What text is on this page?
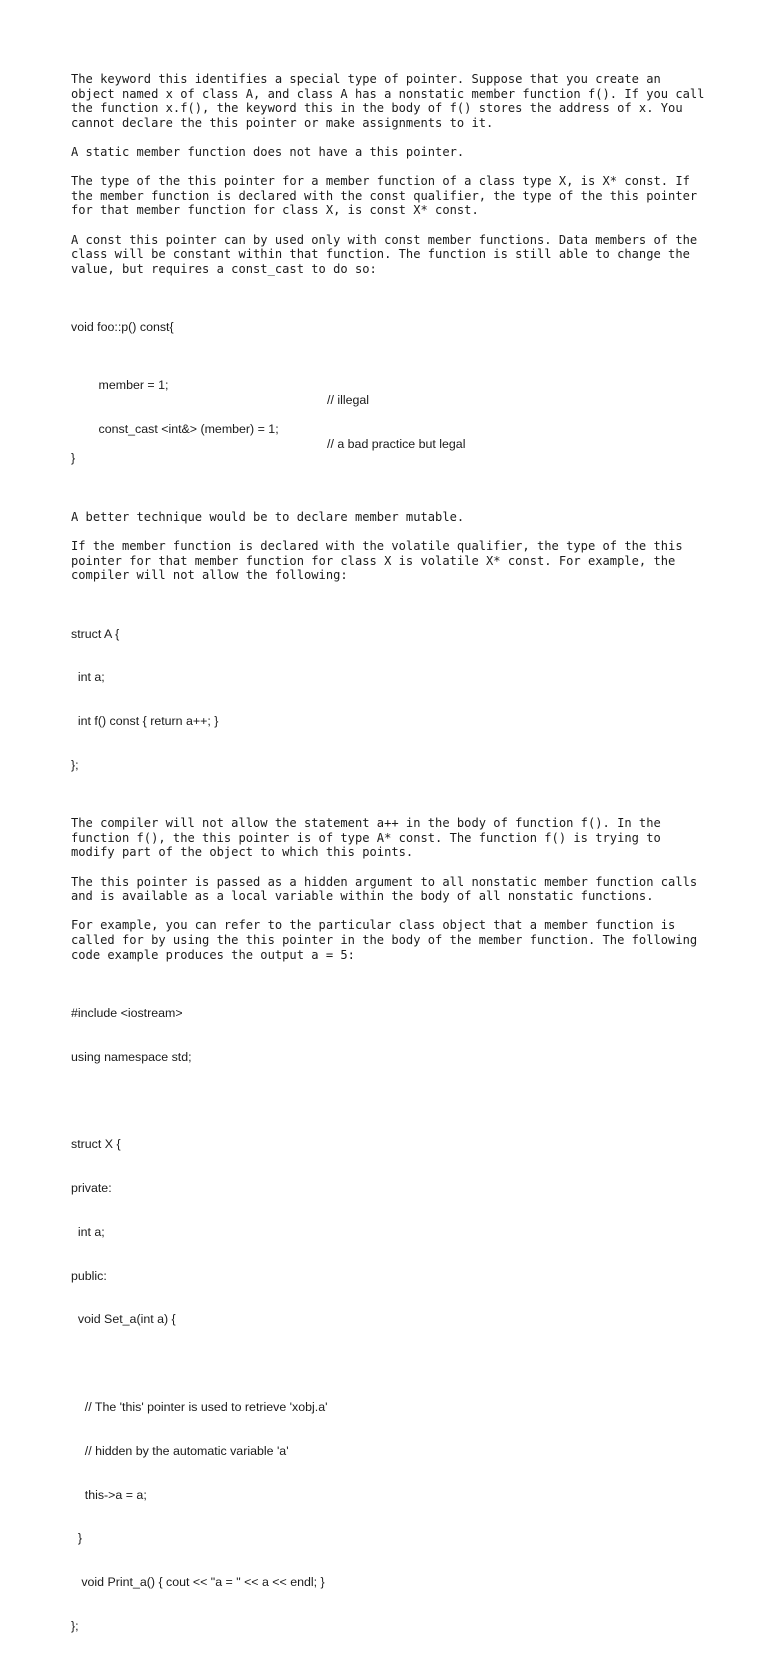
The keyword this identifies a special type of pointer. Suppose that you create an object named x of class A, and class A has a nonstatic member function f(). If you call the function x.f(), the keyword this in the body of f() stores the address of x. You cannot declare the this pointer or make assignments to it.

A static member function does not have a this pointer.

The type of the this pointer for a member function of a class type X, is X* const. If the member function is declared with the const qualifier, the type of the this pointer for that member function for class X, is const X* const.

A const this pointer can by used only with const member functions. Data members of the class will be constant within that function. The function is still able to change the value, but requires a const_cast to do so:

void foo::p() const{

member = 1;

// illegal

const_cast <int&> (member) = 1;

// a bad practice but legal

}

A better technique would be to declare member mutable.

If the member function is declared with the volatile qualifier, the type of the this pointer for that member function for class X is volatile X* const. For example, the compiler will not allow the following:

struct A {

int a;

int f() const { return a++; }

};

The compiler will not allow the statement a++ in the body of function f(). In the function f(), the this pointer is of type A* const. The function f() is trying to modify part of the object to which this points.

The this pointer is passed as a hidden argument to all nonstatic member function calls and is available as a local variable within the body of all nonstatic functions.

For example, you can refer to the particular class object that a member function is called for by using the this pointer in the body of the member function. The following code example produces the output a = 5:

#include <iostream>

using namespace std;

struct X {

private:

int a;

public:

void Set_a(int a) {

// The 'this' pointer is used to retrieve 'xobj.a'

// hidden by the automatic variable 'a'

this->a = a;

}

void Print_a() { cout << "a = " << a << endl; }

};
